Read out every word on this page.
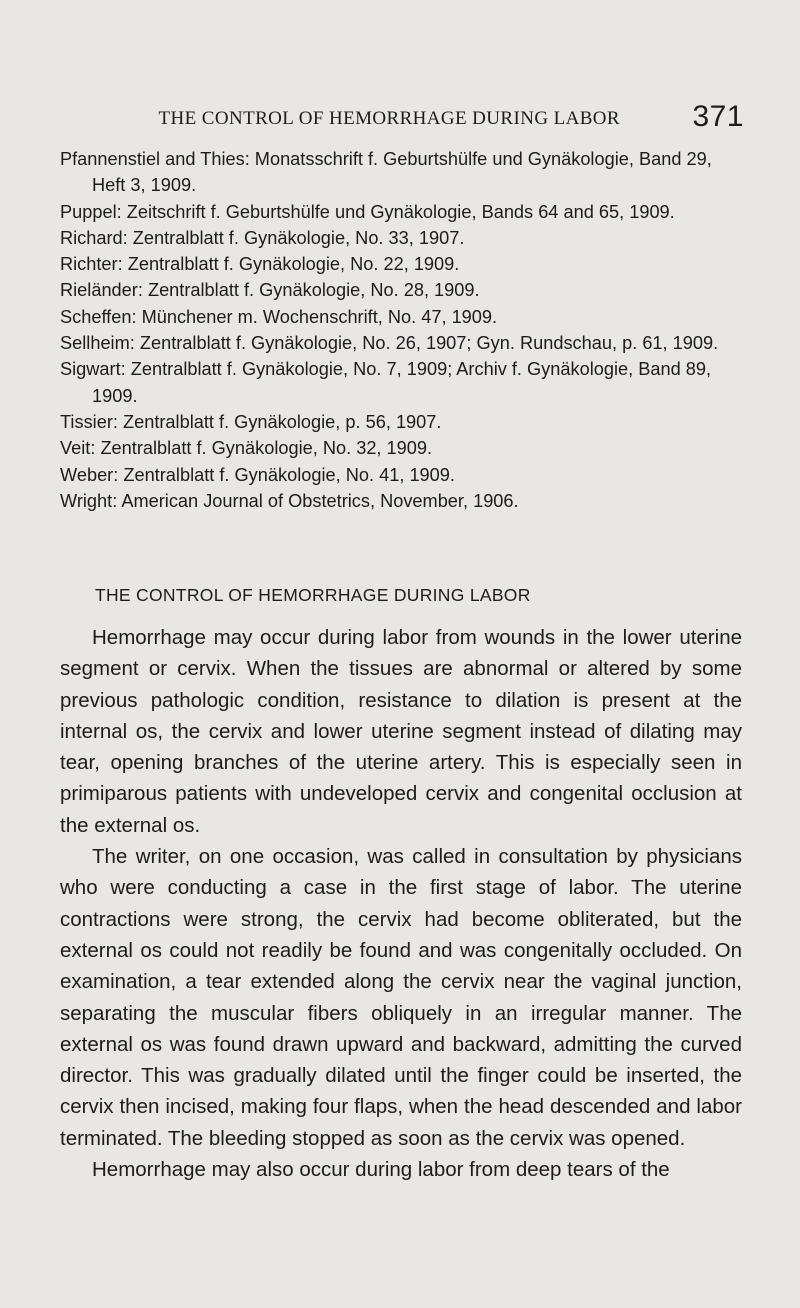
THE CONTROL OF HEMORRHAGE DURING LABOR 371
Pfannenstiel and Thies: Monatsschrift f. Geburtshülfe und Gynäkologie, Band 29, Heft 3, 1909.
Puppel: Zeitschrift f. Geburtshülfe und Gynäkologie, Bands 64 and 65, 1909.
Richard: Zentralblatt f. Gynäkologie, No. 33, 1907.
Richter: Zentralblatt f. Gynäkologie, No. 22, 1909.
Rieländer: Zentralblatt f. Gynäkologie, No. 28, 1909.
Scheffen: Münchener m. Wochenschrift, No. 47, 1909.
Sellheim: Zentralblatt f. Gynäkologie, No. 26, 1907; Gyn. Rundschau, p. 61, 1909.
Sigwart: Zentralblatt f. Gynäkologie, No. 7, 1909; Archiv f. Gynäkologie, Band 89, 1909.
Tissier: Zentralblatt f. Gynäkologie, p. 56, 1907.
Veit: Zentralblatt f. Gynäkologie, No. 32, 1909.
Weber: Zentralblatt f. Gynäkologie, No. 41, 1909.
Wright: American Journal of Obstetrics, November, 1906.
THE CONTROL OF HEMORRHAGE DURING LABOR

Hemorrhage may occur during labor from wounds in the lower uterine segment or cervix. When the tissues are abnormal or altered by some previous pathologic condition, resistance to dilation is present at the internal os, the cervix and lower uterine segment instead of dilating may tear, opening branches of the uterine artery. This is especially seen in primiparous patients with undeveloped cervix and congenital occlusion at the external os.

The writer, on one occasion, was called in consultation by physicians who were conducting a case in the first stage of labor. The uterine contractions were strong, the cervix had become obliterated, but the external os could not readily be found and was congenitally occluded. On examination, a tear extended along the cervix near the vaginal junction, separating the muscular fibers obliquely in an irregular manner. The external os was found drawn upward and backward, admitting the curved director. This was gradually dilated until the finger could be inserted, the cervix then incised, making four flaps, when the head descended and labor terminated. The bleeding stopped as soon as the cervix was opened.

Hemorrhage may also occur during labor from deep tears of the
